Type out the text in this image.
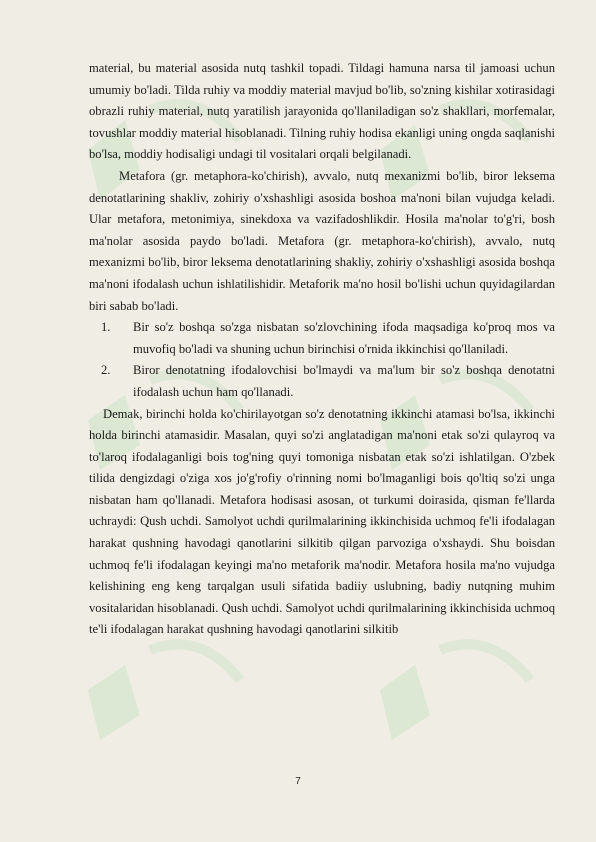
material, bu material asosida nutq tashkil topadi. Tildagi hamuna narsa til jamoasi uchun umumiy bo'ladi. Tilda ruhiy va moddiy material mavjud bo'lib, so'zning kishilar xotirasidagi obrazli ruhiy material, nutq yaratilish jarayonida qo'llaniladigan so'z shakllari, morfemalar, tovushlar moddiy material hisoblanadi. Tilning ruhiy hodisa ekanligi uning ongda saqlanishi bo'lsa, moddiy hodisaligi undagi til vositalari orqali belgilanadi.

Metafora (gr. metaphora-ko'chirish), avvalo, nutq mexanizmi bo'lib, biror leksema denotatlarining shakliv, zohiriy o'xshashligi asosida boshoa ma'noni bilan vujudga keladi. Ular metafora, metonimiya, sinekdoxa va vazifadoshlikdir. Hosila ma'nolar to'g'ri, bosh ma'nolar asosida paydo bo'ladi. Metafora (gr. metaphora-ko'chirish), avvalo, nutq mexanizmi bo'lib, biror leksema denotatlarining shakliy, zohiriy o'xshashligi asosida boshqa ma'noni ifodalash uchun ishlatilishidir. Metaforik ma'no hosil bo'lishi uchun quyidagilardan biri sabab bo'ladi.

1. Bir so'z boshqa so'zga nisbatan so'zlovchining ifoda maqsadiga ko'proq mos va muvofiq bo'ladi va shuning uchun birinchisi o'rnida ikkinchisi qo'llaniladi.
2. Biror denotatning ifodalovchisi bo'lmaydi va ma'lum bir so'z boshqa denotatni ifodalash uchun ham qo'llanadi.

Demak, birinchi holda ko'chirilayotgan so'z denotatning ikkinchi atamasi bo'lsa, ikkinchi holda birinchi atamasidir. Masalan, quyi so'zi anglatadigan ma'noni etak so'zi qulayroq va to'laroq ifodalaganligi bois tog'ning quyi tomoniga nisbatan etak so'zi ishlatilgan. O'zbek tilida dengizdagi o'ziga xos jo'g'rofiy o'rinning nomi bo'lmaganligi bois qo'ltiq so'zi unga nisbatan ham qo'llanadi. Metafora hodisasi asosan, ot turkumi doirasida, qisman fe'llarda uchraydi: Qush uchdi. Samolyot uchdi qurilmalarining ikkinchisida uchmoq fe'li ifodalagan harakat qushning havodagi qanotlarini silkitib qilgan parvoziga o'xshaydi. Shu boisdan uchmoq fe'li ifodalagan keyingi ma'no metaforik ma'nodir. Metafora hosila ma'no vujudga kelishining eng keng tarqalgan usuli sifatida badiiy uslubning, badiy nutqning muhim vositalaridan hisoblanadi. Qush uchdi. Samolyot uchdi qurilmalarining ikkinchisida uchmoq te'li ifodalagan harakat qushning havodagi qanotlarini silkitib

7
